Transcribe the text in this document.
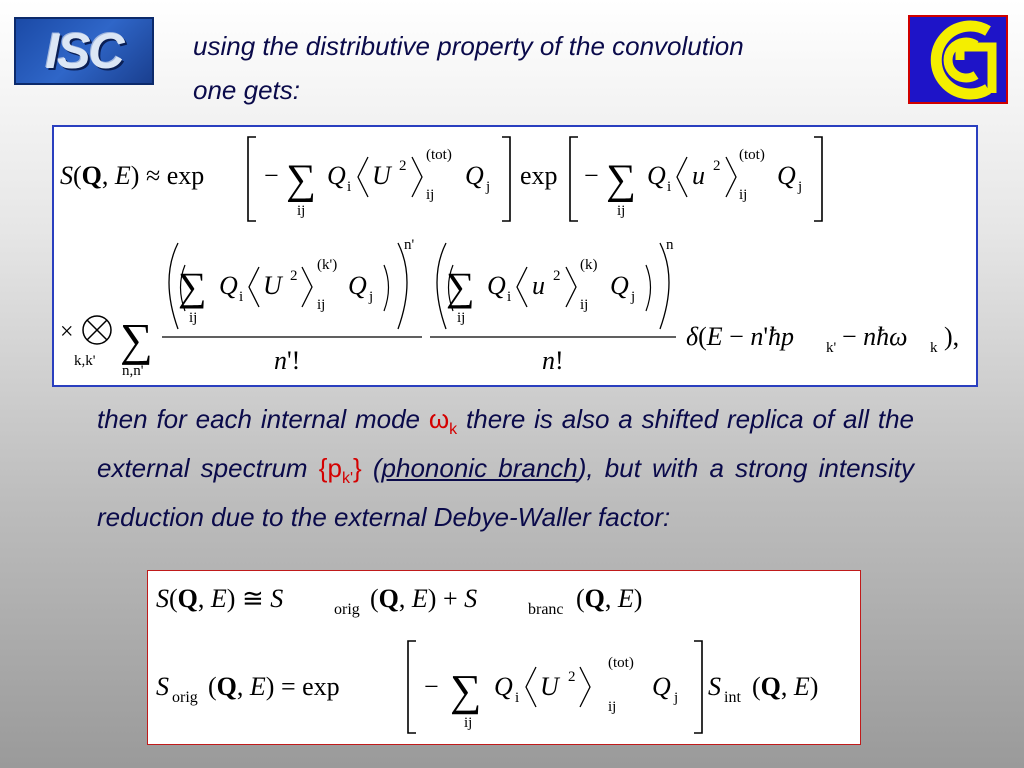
ISC	using the distributive property of the convolution
one gets:
S(Q, E) ≈ exp − ∑
ij
Q i U 2
(tot)
ij
Q j exp − ∑
ij
Q i u 2
(tot)
ij
Q j
×
k,k' ∑
n,n'
∑
ij
Q i U 2
(k')
ij
Q j
n'
n'!
∑
ij
Q i u 2
(k)
ij
Q j
n
n!
δ(E − n'ħp k' − nħω k ),
then for each internal mode $\omega_k$ there is also a shifted replica of all the external spectrum $\{p_{k'}\}$ (phononic branch), but with a strong intensity reduction due to the external Debye-Waller factor:
S(Q, E) ≅ S	orig (Q, E) + S	branc (Q, E)
S orig (Q, E) = exp	− ∑
ij
Q i U 2
(tot)
ij
Q j S int (Q, E)
